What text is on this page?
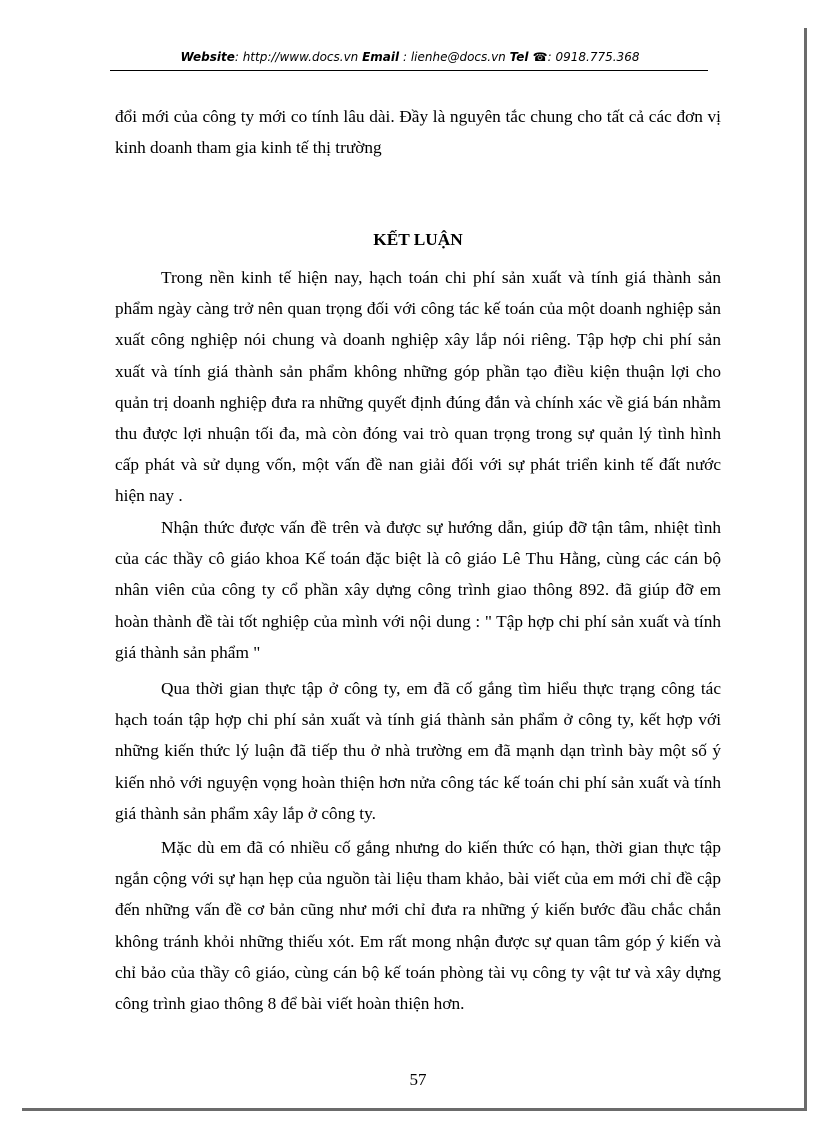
Website: http://www.docs.vn Email : lienhe@docs.vn Tel ☎: 0918.775.368

đổi mới của công ty mới co tính lâu dài. Đầy là nguyên tắc chung cho tất cả các đơn vị kinh doanh tham gia kinh tế thị trường

KẾT LUẬN

Trong nền kinh tế hiện nay, hạch toán chi phí sản xuất và tính giá thành sản phẩm ngày càng trở nên quan trọng đối với công tác kế toán của một doanh nghiệp sản xuất công nghiệp nói chung và doanh nghiệp xây lắp nói riêng. Tập hợp chi phí sản xuất và tính giá thành sản phẩm không những góp phần tạo điều kiện thuận lợi cho quản trị doanh nghiệp đưa ra những quyết định đúng đắn và chính xác về giá bán nhằm thu được lợi nhuận tối đa, mà còn đóng vai trò quan trọng trong sự quản lý tình hình cấp phát và sử dụng vốn, một vấn đề nan giải đối với sự phát triển kinh tế đất nước hiện nay .

Nhận thức được vấn đề trên và được sự hướng dẫn, giúp đỡ tận tâm, nhiệt tình của các thầy cô giáo khoa Kế toán đặc biệt là cô giáo Lê Thu Hằng, cùng các cán bộ nhân viên của công ty cổ phần xây dựng công trình giao thông 892. đã giúp đỡ em hoàn thành đề tài tốt nghiệp của mình với nội dung : " Tập hợp chi phí sản xuất và tính giá thành sản phẩm "

Qua thời gian thực tập ở công ty, em đã cố gắng tìm hiểu thực trạng công tác hạch toán tập hợp chi phí sản xuất và tính giá thành sản phẩm ở công ty, kết hợp với những kiến thức lý luận đã tiếp thu ở nhà trường em đã mạnh dạn trình bày một số ý kiến nhỏ với nguyện vọng hoàn thiện hơn nửa công tác kế toán chi phí sản xuất và tính giá thành sản phẩm xây lắp ở công ty.

Mặc dù em đã có nhiều cố gắng nhưng do kiến thức có hạn, thời gian thực tập ngắn cộng với sự hạn hẹp của nguồn tài liệu tham khảo, bài viết của em mới chỉ đề cập đến những vấn đề cơ bản cũng như mới chỉ đưa ra những ý kiến bước đầu chắc chắn không tránh khỏi những thiếu xót. Em rất mong nhận được sự quan tâm góp ý kiến và chỉ bảo của thầy cô giáo, cùng cán bộ kế toán phòng tài vụ công ty vật tư và xây dựng công trình giao thông 8 để bài viết hoàn thiện hơn.

57
